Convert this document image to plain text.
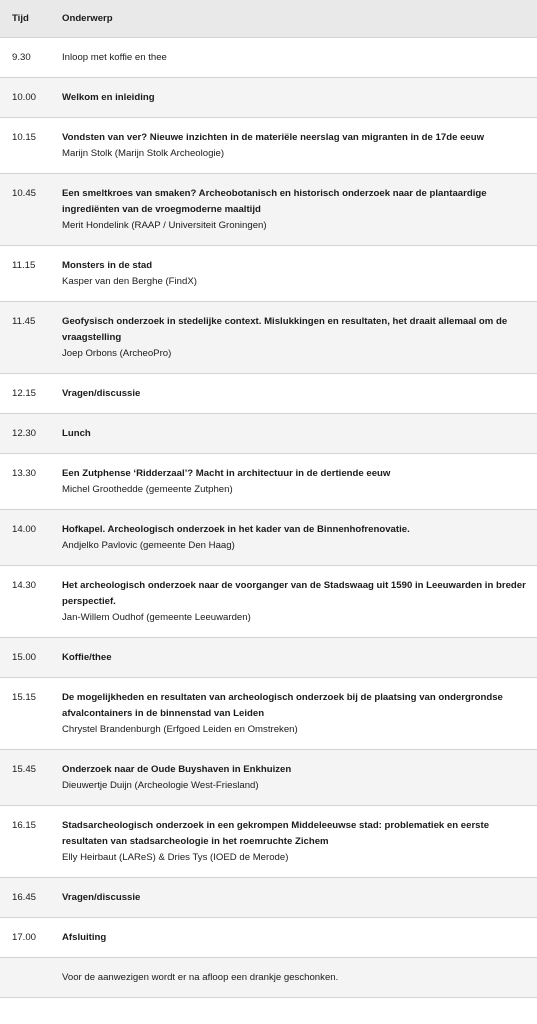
Tijd	Onderwerp
9.30	Inloop met koffie en thee

10.00	Welkom en inleiding

10.15	Vondsten van ver? Nieuwe inzichten in de materiële neerslag van migranten in de 17de eeuw
Marijn Stolk (Marijn Stolk Archeologie)

10.45	Een smeltkroes van smaken? Archeobotanisch en historisch onderzoek naar de plantaardige ingrediënten van de vroegmoderne maaltijd
Merit Hondelink (RAAP / Universiteit Groningen)

11.15	Monsters in de stad
Kasper van den Berghe (FindX)

11.45	Geofysisch onderzoek in stedelijke context. Mislukkingen en resultaten, het draait allemaal om de vraagstelling
Joep Orbons (ArcheoPro)

12.15	Vragen/discussie

12.30	Lunch

13.30	Een Zutphense ‘Ridderzaal’? Macht in architectuur in de dertiende eeuw
Michel Groothedde (gemeente Zutphen)

14.00	Hofkapel. Archeologisch onderzoek in het kader van de Binnenhofrenovatie.
Andjelko Pavlovic (gemeente Den Haag)

14.30	Het archeologisch onderzoek naar de voorganger van de Stadswaag uit 1590 in Leeuwarden in breder perspectief.
Jan-Willem Oudhof (gemeente Leeuwarden)

15.00	Koffie/thee

15.15	De mogelijkheden en resultaten van archeologisch onderzoek bij de plaatsing van ondergrondse afvalcontainers in de binnenstad van Leiden
Chrystel Brandenburgh (Erfgoed Leiden en Omstreken)

15.45	Onderzoek naar de Oude Buyshaven in Enkhuizen
Dieuwertje Duijn (Archeologie West-Friesland)

16.15	Stadsarcheologisch onderzoek in een gekrompen Middeleeuwse stad: problematiek en eerste resultaten van stadsarcheologie in het roemruchte Zichem
Elly Heirbaut (LAReS) & Dries Tys (IOED de Merode)

16.45	Vragen/discussie

17.00	Afsluiting

	Voor de aanwezigen wordt er na afloop een drankje geschonken.
